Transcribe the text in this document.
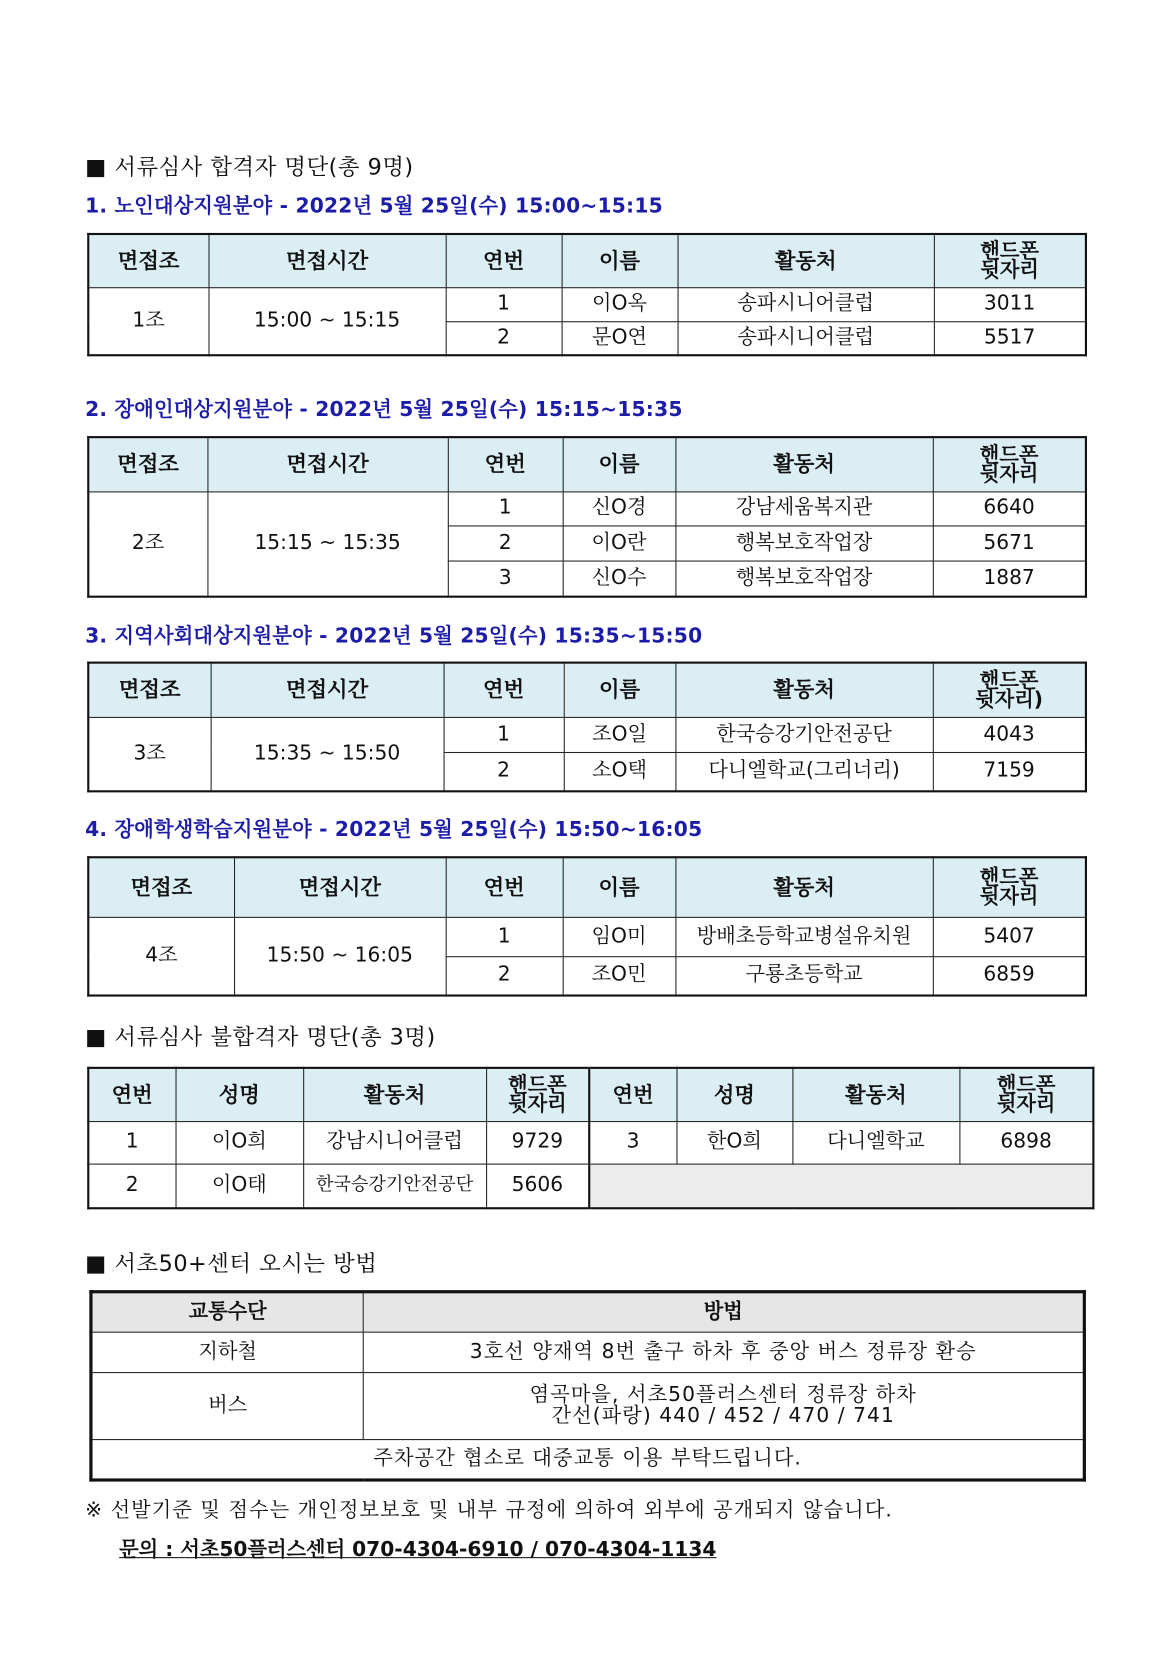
■ 서류심사 합격자 명단(총 9명)
1. 노인대상지원분야 - 2022년 5월 25일(수) 15:00~15:15
면접조	면접시간	연번	이름	활동처	핸드폰
뒷자리
1조	15:00 ~ 15:15	1	이O옥	송파시니어클럽	3011
		2	문O연	송파시니어클럽	5517
2. 장애인대상지원분야 - 2022년 5월 25일(수) 15:15~15:35
면접조	면접시간	연번	이름	활동처	핸드폰
뒷자리
2조	15:15 ~ 15:35	1	신O경	강남세움복지관	6640
		2	이O란	행복보호작업장	5671
		3	신O수	행복보호작업장	1887
3. 지역사회대상지원분야 - 2022년 5월 25일(수) 15:35~15:50
면접조	면접시간	연번	이름	활동처	핸드폰
뒷자리)
3조	15:35 ~ 15:50	1	조O일	한국승강기안전공단	4043
		2	소O택	다니엘학교(그리너리)	7159
4. 장애학생학습지원분야 - 2022년 5월 25일(수) 15:50~16:05
면접조	면접시간	연번	이름	활동처	핸드폰
뒷자리
4조	15:50 ~ 16:05	1	임O미	방배초등학교병설유치원	5407
		2	조O민	구룡초등학교	6859
■ 서류심사 불합격자 명단(총 3명)
연번	성명	활동처	핸드폰
뒷자리	연번	성명	활동처	핸드폰
뒷자리
1	이O희	강남시니어클럽	9729	3	한O희	다니엘학교	6898
2	이O태	한국승강기안전공단	5606				
■ 서초50+센터 오시는 방법
교통수단	방법
지하철	3호선 양재역 8번 출구 하차 후 중앙 버스 정류장 환승
버스	염곡마을, 서초50플러스센터 정류장 하차
간선(파랑) 440 / 452 / 470 / 741
주차공간 협소로 대중교통 이용 부탁드립니다.	
※ 선발기준 및 점수는 개인정보보호 및 내부 규정에 의하여 외부에 공개되지 않습니다.
문의 : 서초50플러스센터 070-4304-6910 / 070-4304-1134
